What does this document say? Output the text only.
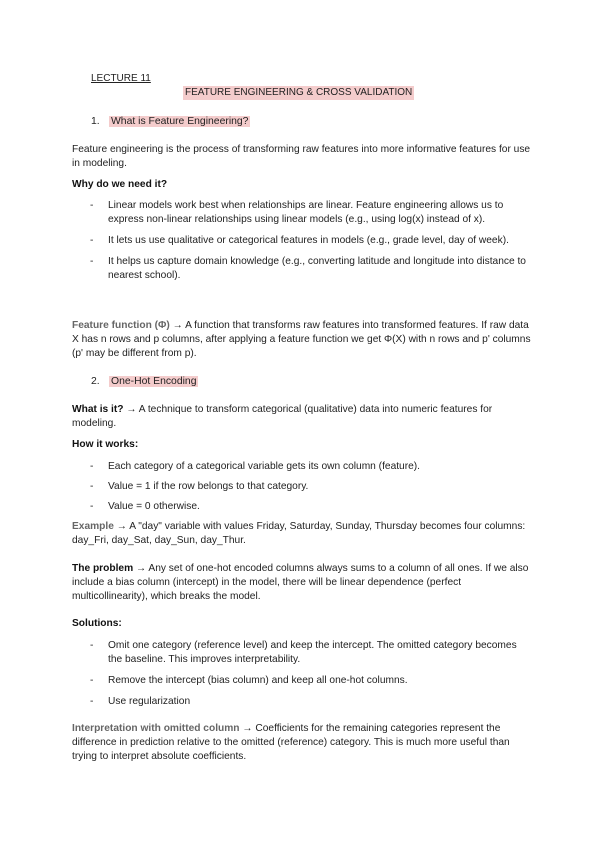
LECTURE 11
FEATURE ENGINEERING & CROSS VALIDATION
1. What is Feature Engineering?
Feature engineering is the process of transforming raw features into more informative features for use in modeling.
Why do we need it?
- Linear models work best when relationships are linear. Feature engineering allows us to express non-linear relationships using linear models (e.g., using log(x) instead of x).
- It lets us use qualitative or categorical features in models (e.g., grade level, day of week).
- It helps us capture domain knowledge (e.g., converting latitude and longitude into distance to nearest school).
Feature function (Φ) → A function that transforms raw features into transformed features. If raw data X has n rows and p columns, after applying a feature function we get Φ(X) with n rows and p' columns (p' may be different from p).
2. One-Hot Encoding
What is it? → A technique to transform categorical (qualitative) data into numeric features for modeling.
How it works:
- Each category of a categorical variable gets its own column (feature).
- Value = 1 if the row belongs to that category.
- Value = 0 otherwise.
Example → A "day" variable with values Friday, Saturday, Sunday, Thursday becomes four columns: day_Fri, day_Sat, day_Sun, day_Thur.
The problem → Any set of one-hot encoded columns always sums to a column of all ones. If we also include a bias column (intercept) in the model, there will be linear dependence (perfect multicollinearity), which breaks the model.
Solutions:
- Omit one category (reference level) and keep the intercept. The omitted category becomes the baseline. This improves interpretability.
- Remove the intercept (bias column) and keep all one-hot columns.
- Use regularization
Interpretation with omitted column → Coefficients for the remaining categories represent the difference in prediction relative to the omitted (reference) category. This is much more useful than trying to interpret absolute coefficients.
